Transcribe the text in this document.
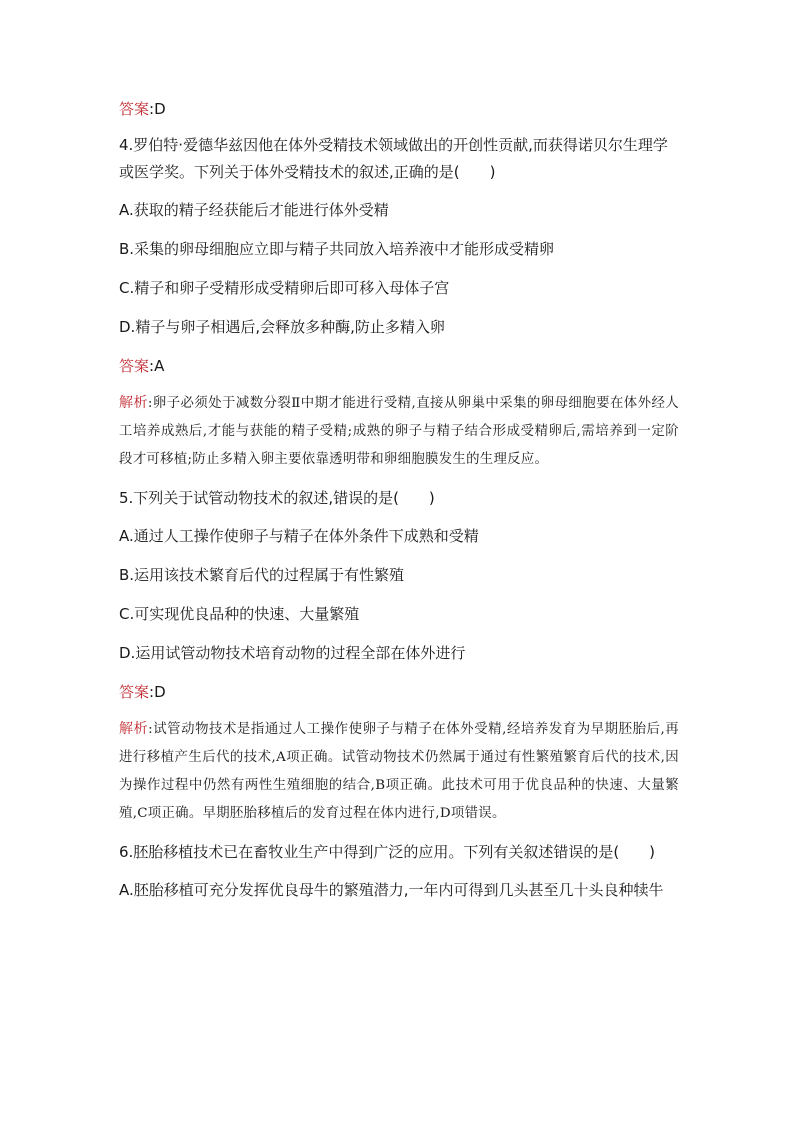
答案:D

4.罗伯特·爱德华兹因他在体外受精技术领域做出的开创性贡献,而获得诺贝尔生理学或医学奖。下列关于体外受精技术的叙述,正确的是(　　)

A.获取的精子经获能后才能进行体外受精

B.采集的卵母细胞应立即与精子共同放入培养液中才能形成受精卵

C.精子和卵子受精形成受精卵后即可移入母体子宫

D.精子与卵子相遇后,会释放多种酶,防止多精入卵

答案:A

解析:卵子必须处于减数分裂Ⅱ中期才能进行受精,直接从卵巢中采集的卵母细胞要在体外经人工培养成熟后,才能与获能的精子受精;成熟的卵子与精子结合形成受精卵后,需培养到一定阶段才可移植;防止多精入卵主要依靠透明带和卵细胞膜发生的生理反应。

5.下列关于试管动物技术的叙述,错误的是(　　)

A.通过人工操作使卵子与精子在体外条件下成熟和受精

B.运用该技术繁育后代的过程属于有性繁殖

C.可实现优良品种的快速、大量繁殖

D.运用试管动物技术培育动物的过程全部在体外进行

答案:D

解析:试管动物技术是指通过人工操作使卵子与精子在体外受精,经培养发育为早期胚胎后,再进行移植产生后代的技术,A项正确。试管动物技术仍然属于通过有性繁殖繁育后代的技术,因为操作过程中仍然有两性生殖细胞的结合,B项正确。此技术可用于优良品种的快速、大量繁殖,C项正确。早期胚胎移植后的发育过程在体内进行,D项错误。

6.胚胎移植技术已在畜牧业生产中得到广泛的应用。下列有关叙述错误的是(　　)

A.胚胎移植可充分发挥优良母牛的繁殖潜力,一年内可得到几头甚至几十头良种犊牛
